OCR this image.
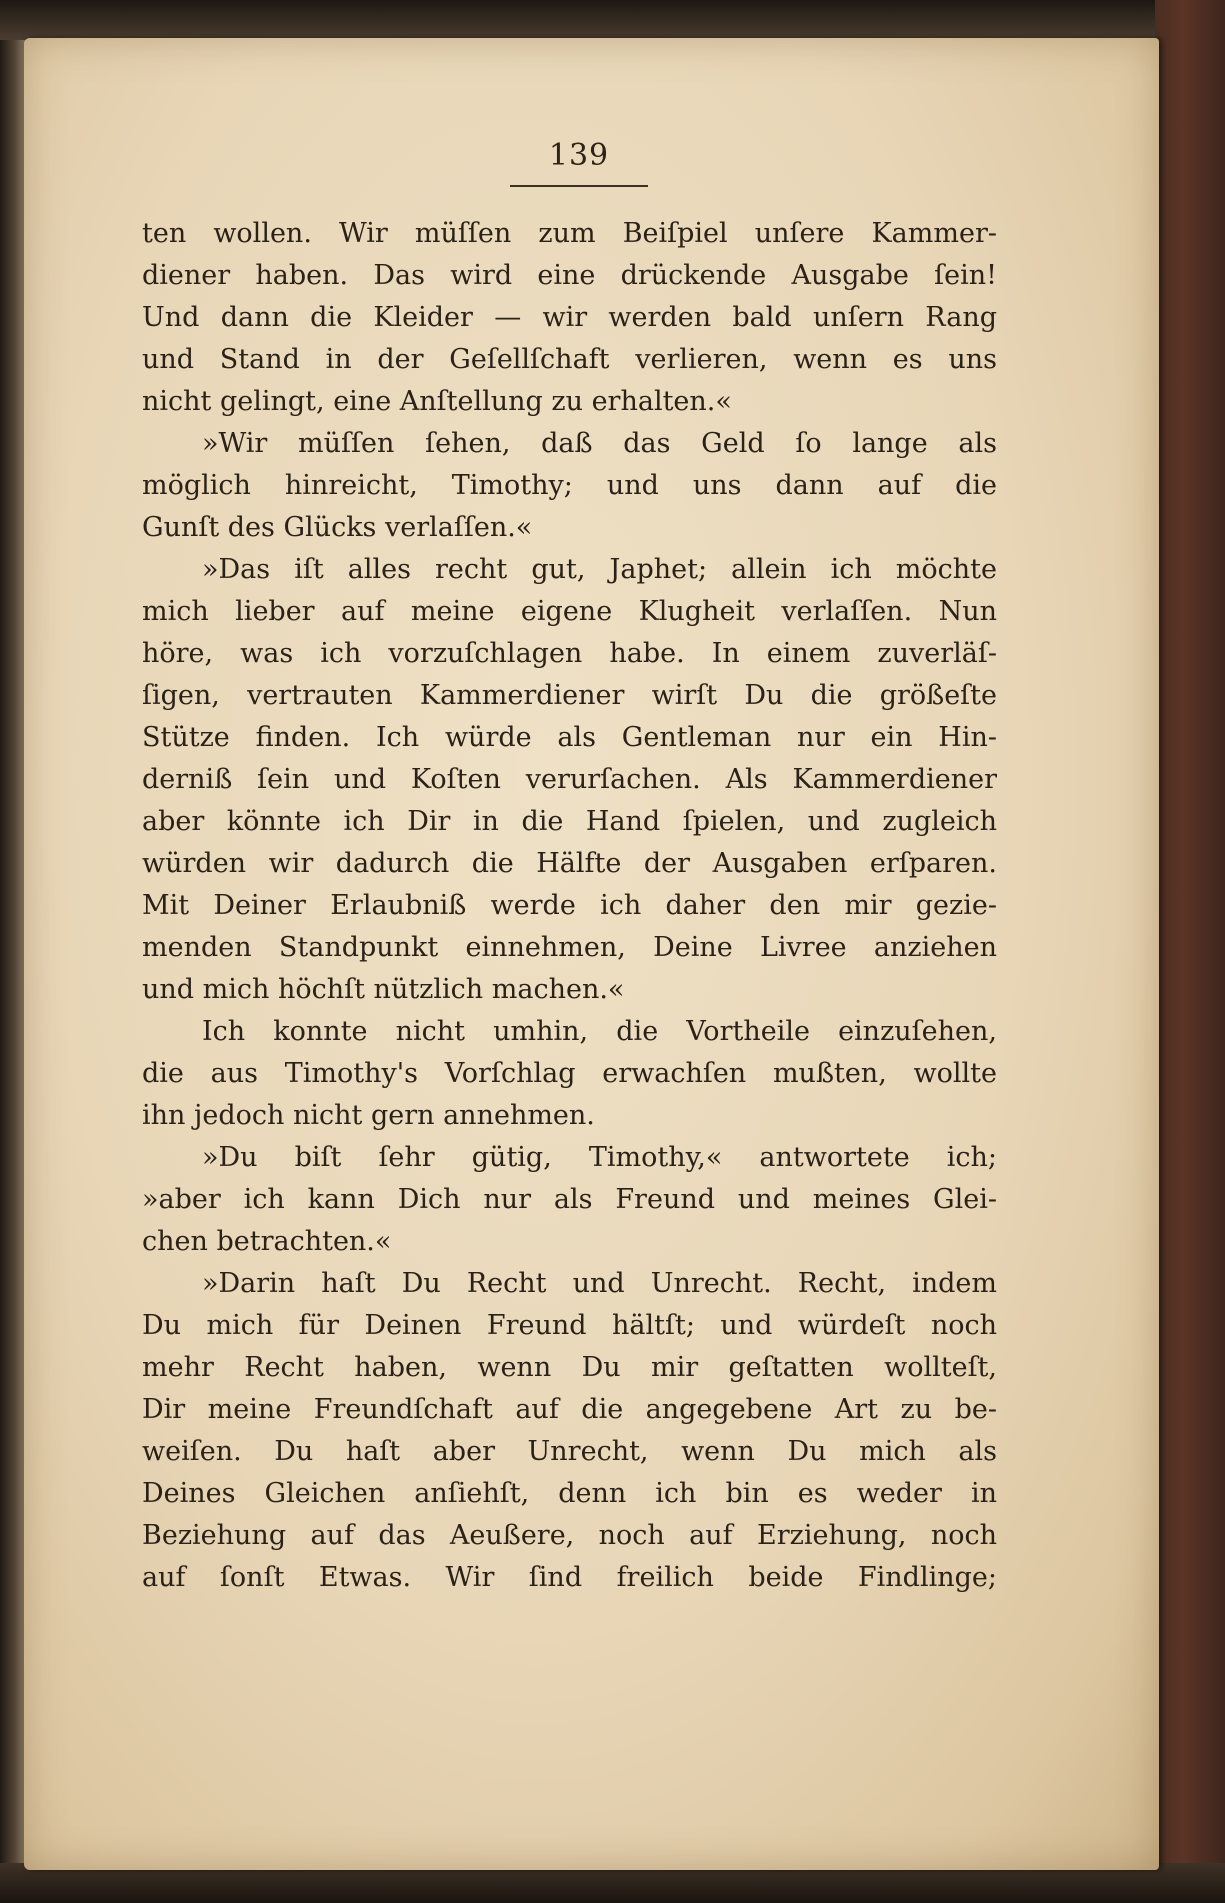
139
ten wollen. Wir müſſen zum Beiſpiel unſere Kammer-
diener haben. Das wird eine drückende Ausgabe ſein!
Und dann die Kleider — wir werden bald unſern Rang
und Stand in der Geſellſchaft verlieren, wenn es uns
nicht gelingt, eine Anſtellung zu erhalten.«
»Wir müſſen ſehen, daß das Geld ſo lange als
möglich hinreicht, Timothy; und uns dann auf die
Gunſt des Glücks verlaſſen.«
»Das iſt alles recht gut, Japhet; allein ich möchte
mich lieber auf meine eigene Klugheit verlaſſen. Nun
höre, was ich vorzuſchlagen habe. In einem zuverläſ-
ſigen, vertrauten Kammerdiener wirſt Du die größeſte
Stütze finden. Ich würde als Gentleman nur ein Hin-
derniß ſein und Koſten verurſachen. Als Kammerdiener
aber könnte ich Dir in die Hand ſpielen, und zugleich
würden wir dadurch die Hälfte der Ausgaben erſparen.
Mit Deiner Erlaubniß werde ich daher den mir gezie-
menden Standpunkt einnehmen, Deine Livree anziehen
und mich höchſt nützlich machen.«
Ich konnte nicht umhin, die Vortheile einzuſehen,
die aus Timothy's Vorſchlag erwachſen mußten, wollte
ihn jedoch nicht gern annehmen.
»Du biſt ſehr gütig, Timothy,« antwortete ich;
»aber ich kann Dich nur als Freund und meines Glei-
chen betrachten.«
»Darin haſt Du Recht und Unrecht. Recht, indem
Du mich für Deinen Freund hältſt; und würdeſt noch
mehr Recht haben, wenn Du mir geſtatten wollteſt,
Dir meine Freundſchaft auf die angegebene Art zu be-
weiſen. Du haſt aber Unrecht, wenn Du mich als
Deines Gleichen anſiehſt, denn ich bin es weder in
Beziehung auf das Aeußere, noch auf Erziehung, noch
auf ſonſt Etwas. Wir ſind freilich beide Findlinge;
